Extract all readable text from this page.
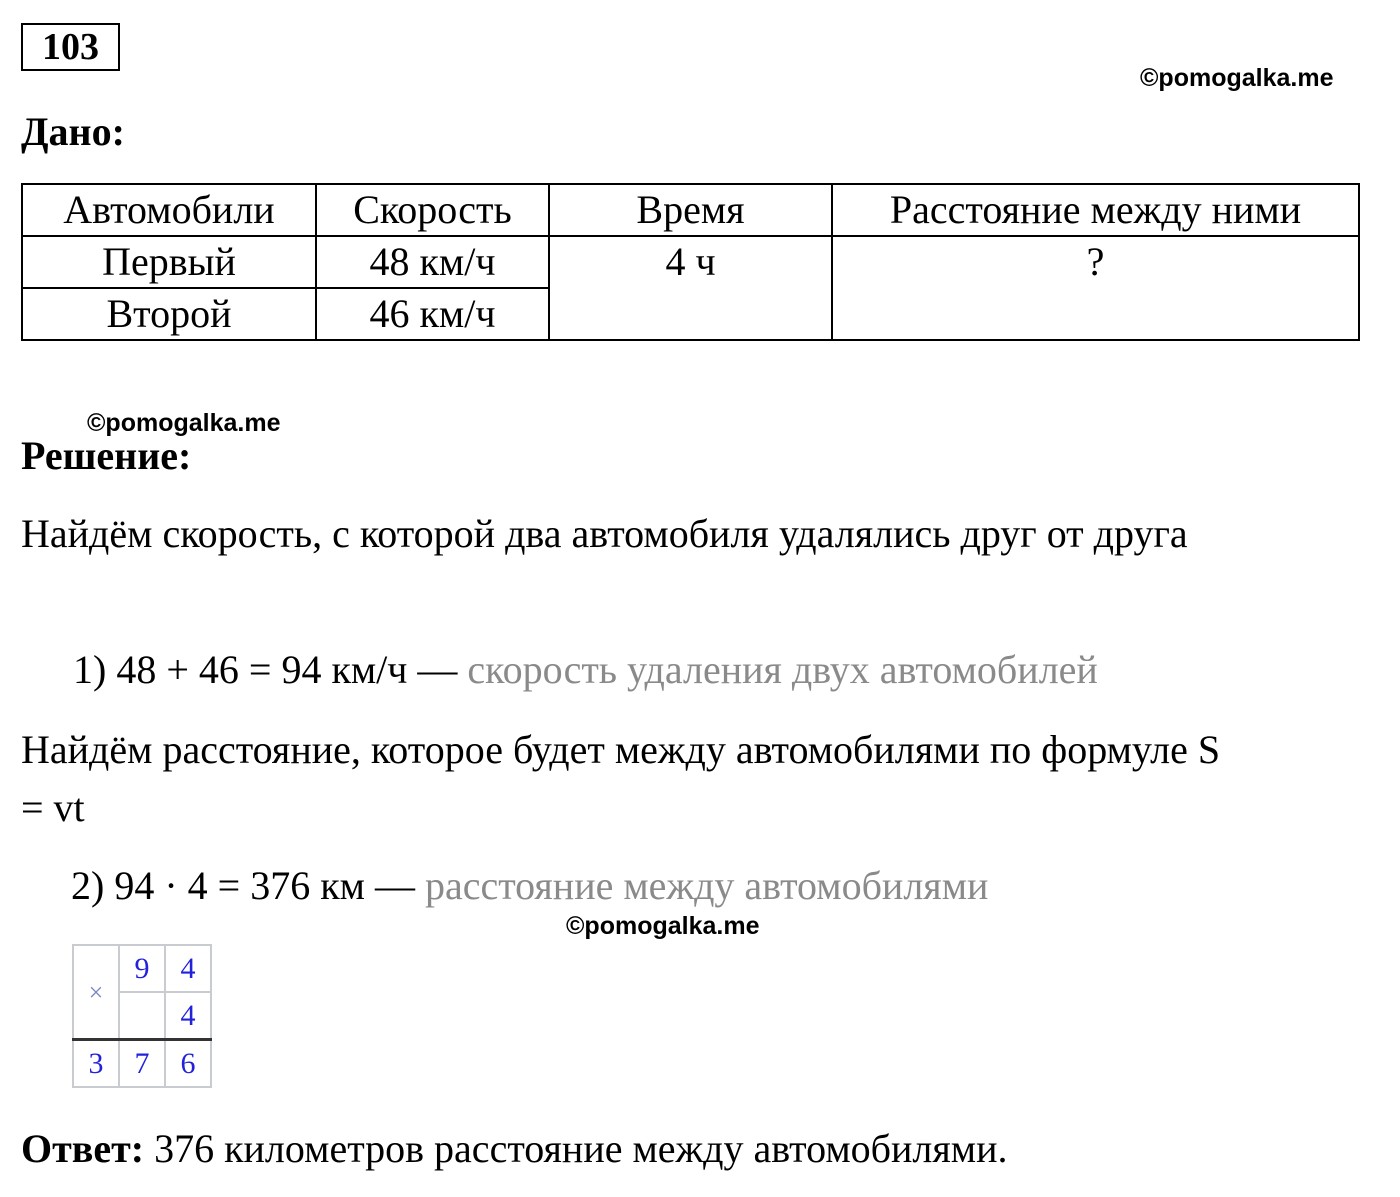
103
©pomogalka.me
Дано:
Автомобили	Скорость	Время	Расстояние между ними
Первый	48 км/ч	4 ч	?
Второй	46 км/ч		
©pomogalka.me
Решение:
Найдём скорость, с которой два автомобиля удалялись друг от друга
1) 48 + 46 = 94 км/ч — скорость удаления двух автомобилей
Найдём расстояние, которое будет между автомобилями по формуле S = vt
2) 94 · 4 = 376 км — расстояние между автомобилями
©pomogalka.me
×	9	4
		4
3	7	6
Ответ: 376 километров расстояние между автомобилями.
